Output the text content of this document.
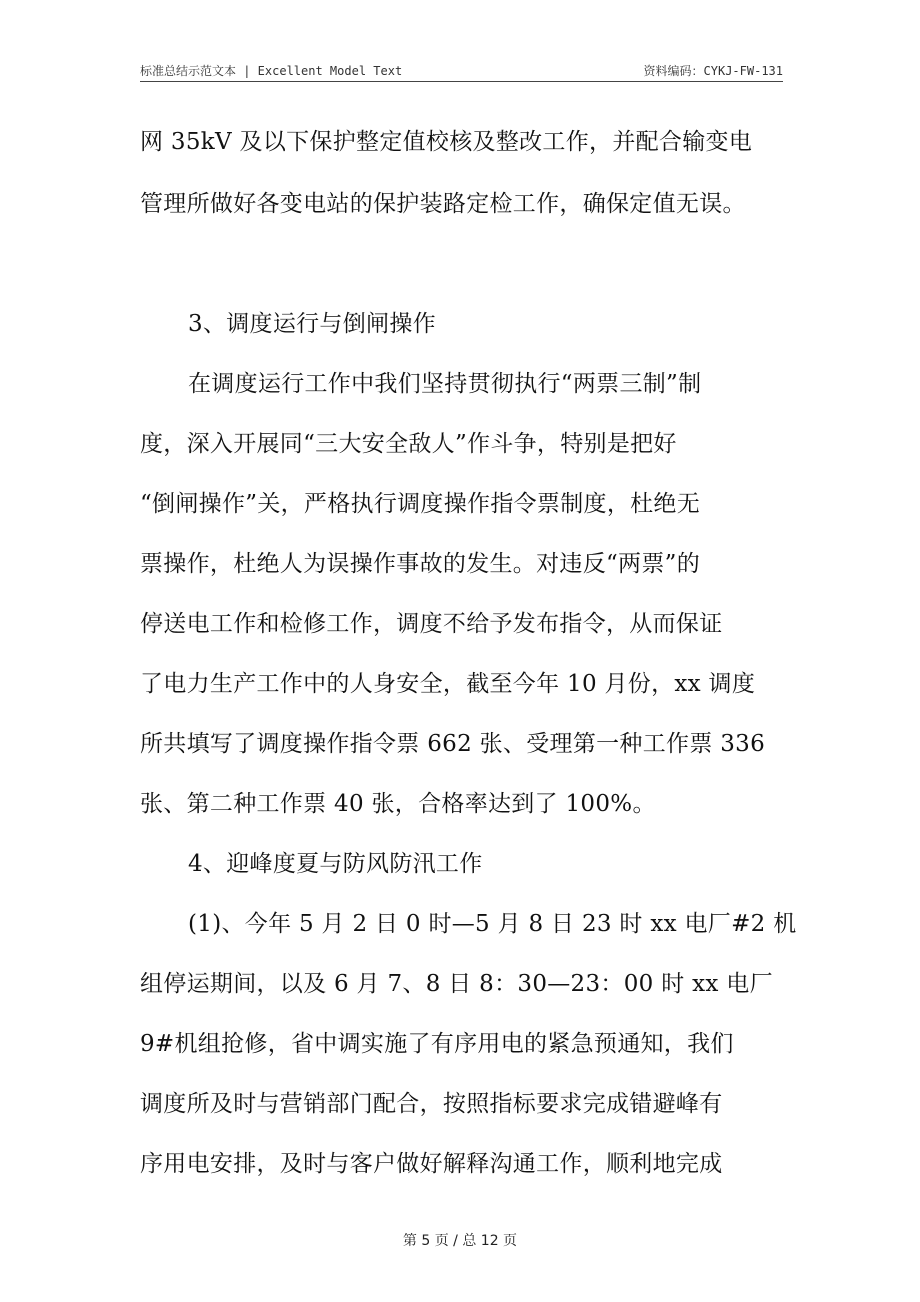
标准总结示范文本 | Excellent Model Text	资料编码：CYKJ-FW-131
网 35kV 及以下保护整定值校核及整改工作，并配合输变电
管理所做好各变电站的保护装路定检工作，确保定值无误。
3、调度运行与倒闸操作
在调度运行工作中我们坚持贯彻执行“两票三制”制
度，深入开展同“三大安全敌人”作斗争，特别是把好
“倒闸操作”关，严格执行调度操作指令票制度，杜绝无
票操作，杜绝人为误操作事故的发生。对违反“两票”的
停送电工作和检修工作，调度不给予发布指令，从而保证
了电力生产工作中的人身安全，截至今年 10 月份，xx 调度
所共填写了调度操作指令票 662 张、受理第一种工作票 336
张、第二种工作票 40 张，合格率达到了 100%。
4、迎峰度夏与防风防汛工作
(1)、今年 5 月 2 日 0 时—5 月 8 日 23 时 xx 电厂#2 机
组停运期间，以及 6 月 7、8 日 8：30—23：00 时 xx 电厂
9#机组抢修，省中调实施了有序用电的紧急预通知，我们
调度所及时与营销部门配合，按照指标要求完成错避峰有
序用电安排，及时与客户做好解释沟通工作，顺利地完成
第 5 页 / 总 12 页
